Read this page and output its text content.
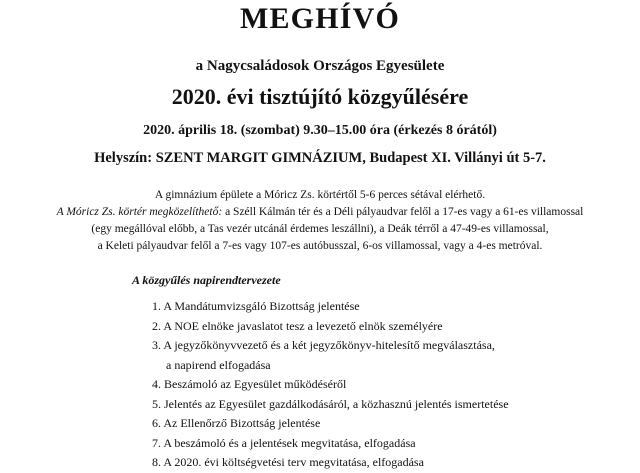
MEGHÍVÓ
a Nagycsaládosok Országos Egyesülete
2020. évi tisztújító közgyűlésére
2020. április 18. (szombat) 9.30–15.00 óra (érkezés 8 órától)
Helyszín: SZENT MARGIT GIMNÁZIUM, Budapest XI. Villányi út 5-7.
A gimnázium épülete a Móricz Zs. körtértől 5-6 perces sétával elérhető.
A Móricz Zs. körtér megközelíthető: a Széll Kálmán tér és a Déli pályaudvar felől a 17-es vagy a 61-es villamossal
(egy megállóval előbb, a Tas vezér utcánál érdemes leszállni), a Deák térről a 47-49-es villamossal,
a Keleti pályaudvar felől a 7-es vagy 107-es autóbusszal, 6-os villamossal, vagy a 4-es metróval.
A közgyűlés napirendtervezete
1. A Mandátumvizsgáló Bizottság jelentése
2. A NOE elnöke javaslatot tesz a levezető elnök személyére
3. A jegyzőkönyvvezető és a két jegyzőkönyv-hitelesítő megválasztása,
a napirend elfogadása
4. Beszámoló az Egyesület működéséről
5. Jelentés az Egyesület gazdálkodásáról, a közhasznú jelentés ismertetése
6. Az Ellenőrző Bizottság jelentése
7. A beszámoló és a jelentések megvitatása, elfogadása
8. A 2020. évi költségvetési terv megvitatása, elfogadása
